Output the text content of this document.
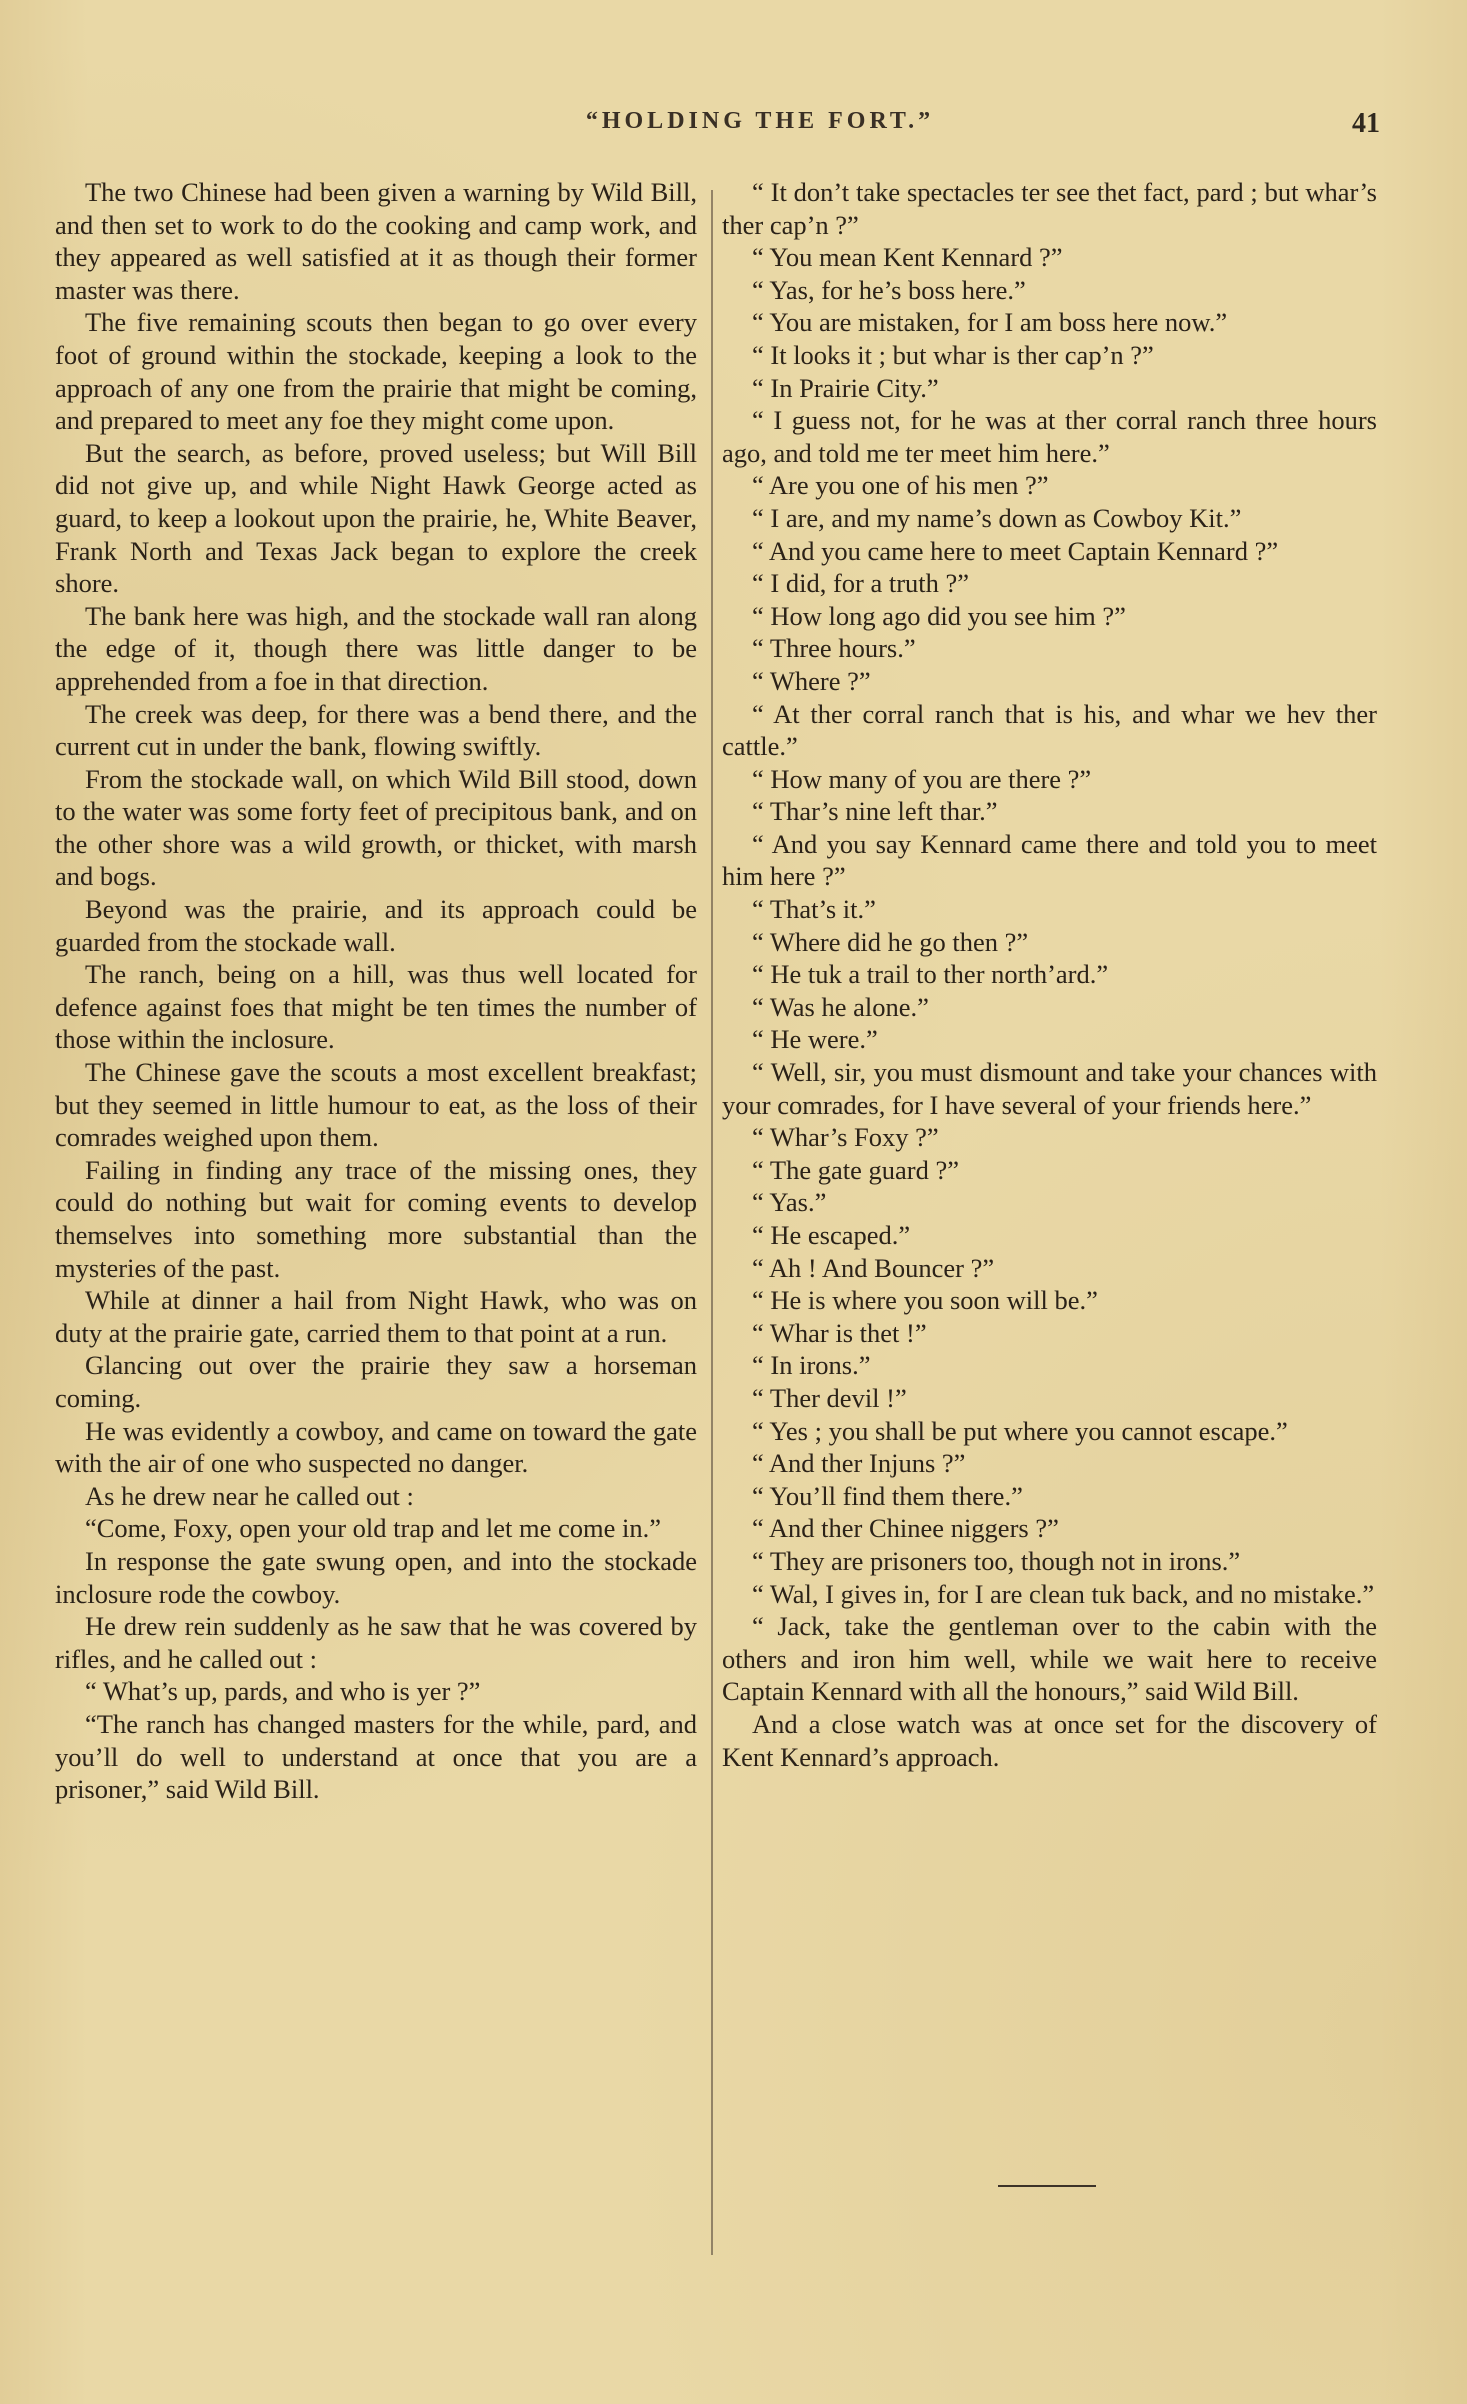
“HOLDING THE FORT.”	41

The two Chinese had been given a warning by Wild Bill, and then set to work to do the cooking and camp work, and they appeared as well satisfied at it as though their former master was there.

The five remaining scouts then began to go over every foot of ground within the stockade, keeping a look to the approach of any one from the prairie that might be coming, and prepared to meet any foe they might come upon.

But the search, as before, proved useless; but Will Bill did not give up, and while Night Hawk George acted as guard, to keep a lookout upon the prairie, he, White Beaver, Frank North and Texas Jack began to explore the creek shore.

The bank here was high, and the stockade wall ran along the edge of it, though there was little danger to be apprehended from a foe in that direction.

The creek was deep, for there was a bend there, and the current cut in under the bank, flowing swiftly.

From the stockade wall, on which Wild Bill stood, down to the water was some forty feet of precipitous bank, and on the other shore was a wild growth, or thicket, with marsh and bogs.

Beyond was the prairie, and its approach could be guarded from the stockade wall.

The ranch, being on a hill, was thus well located for defence against foes that might be ten times the number of those within the inclosure.

The Chinese gave the scouts a most excellent breakfast; but they seemed in little humour to eat, as the loss of their comrades weighed upon them.

Failing in finding any trace of the missing ones, they could do nothing but wait for coming events to develop themselves into something more substantial than the mysteries of the past.

While at dinner a hail from Night Hawk, who was on duty at the prairie gate, carried them to that point at a run.

Glancing out over the prairie they saw a horseman coming.

He was evidently a cowboy, and came on toward the gate with the air of one who suspected no danger.

As he drew near he called out :

“Come, Foxy, open your old trap and let me come in.”

In response the gate swung open, and into the stockade inclosure rode the cowboy.

He drew rein suddenly as he saw that he was covered by rifles, and he called out :

“ What’s up, pards, and who is yer ?”

“The ranch has changed masters for the while, pard, and you’ll do well to understand at once that you are a prisoner,” said Wild Bill.

“ It don’t take spectacles ter see thet fact, pard ; but whar’s ther cap’n ?”

“ You mean Kent Kennard ?”

“ Yas, for he’s boss here.”

“ You are mistaken, for I am boss here now.”

“ It looks it ; but whar is ther cap’n ?”

“ In Prairie City.”

“ I guess not, for he was at ther corral ranch three hours ago, and told me ter meet him here.”

“ Are you one of his men ?”

“ I are, and my name’s down as Cowboy Kit.”

“ And you came here to meet Captain Kennard ?”

“ I did, for a truth ?”

“ How long ago did you see him ?”

“ Three hours.”

“ Where ?”

“ At ther corral ranch that is his, and whar we hev ther cattle.”

“ How many of you are there ?”

“ Thar’s nine left thar.”

“ And you say Kennard came there and told you to meet him here ?”

“ That’s it.”

“ Where did he go then ?”

“ He tuk a trail to ther north’ard.”

“ Was he alone.”

“ He were.”

“ Well, sir, you must dismount and take your chances with your comrades, for I have several of your friends here.”

“ Whar’s Foxy ?”

“ The gate guard ?”

“ Yas.”

“ He escaped.”

“ Ah ! And Bouncer ?”

“ He is where you soon will be.”

“ Whar is thet !”

“ In irons.”

“ Ther devil !”

“ Yes ; you shall be put where you cannot escape.”

“ And ther Injuns ?”

“ You’ll find them there.”

“ And ther Chinee niggers ?”

“ They are prisoners too, though not in irons.”

“ Wal, I gives in, for I are clean tuk back, and no mistake.”

“ Jack, take the gentleman over to the cabin with the others and iron him well, while we wait here to receive Captain Kennard with all the honours,” said Wild Bill.

And a close watch was at once set for the discovery of Kent Kennard’s approach.
